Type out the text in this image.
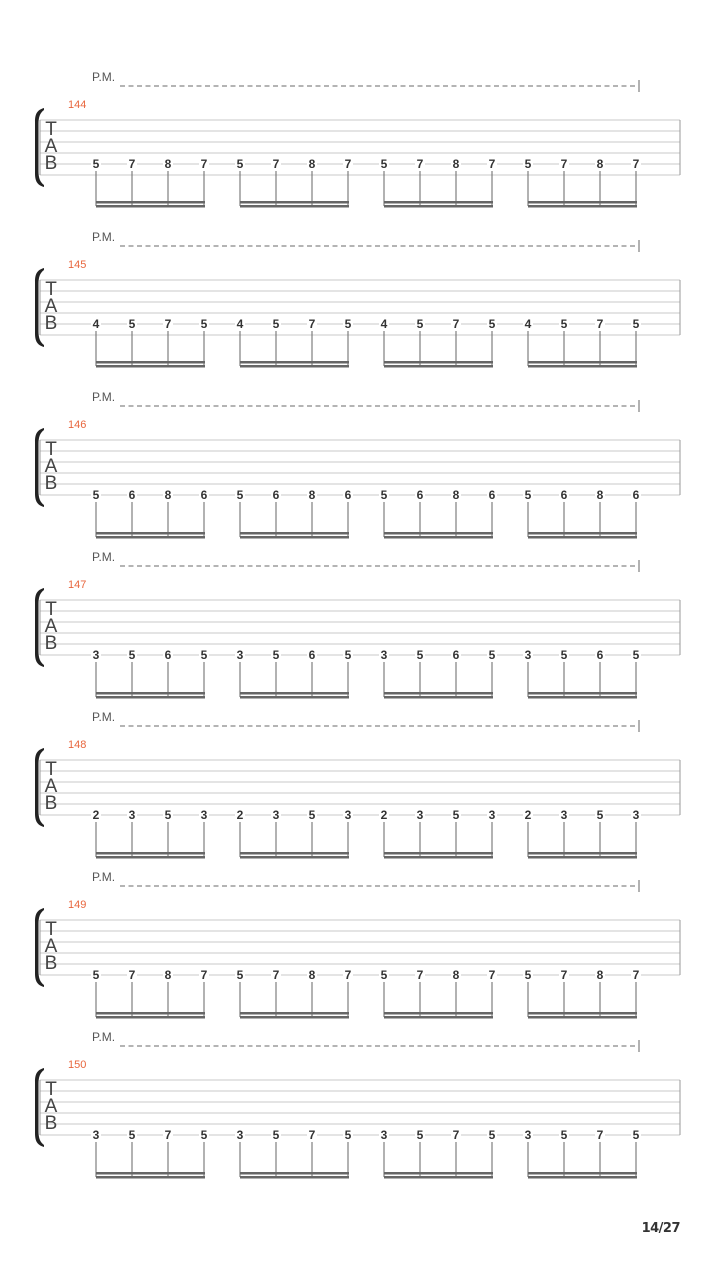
P.M.
144
T
A
B	5 7 8 7 5 7 8 7 5 7 8 7 5 7 8 7
P.M.
145
T
A
B	4 5 7 5 4 5 7 5 4 5 7 5 4 5 7 5
P.M.
146
T
A
B
5 6 8 6 5 6 8 6 5 6 8 6 5 6 8 6
P.M.
147
T
A
B
3 5 6 5 3 5 6 5 3 5 6 5 3 5 6 5
P.M.
148
T
A
B
2 3 5 3 2 3 5 3 2 3 5 3 2 3 5 3
P.M.
149
T
A
B
5 7 8 7 5 7 8 7 5 7 8 7 5 7 8 7
P.M.
150
T
A
B
3 5 7 5 3 5 7 5 3 5 7 5 3 5 7 5
14/27
